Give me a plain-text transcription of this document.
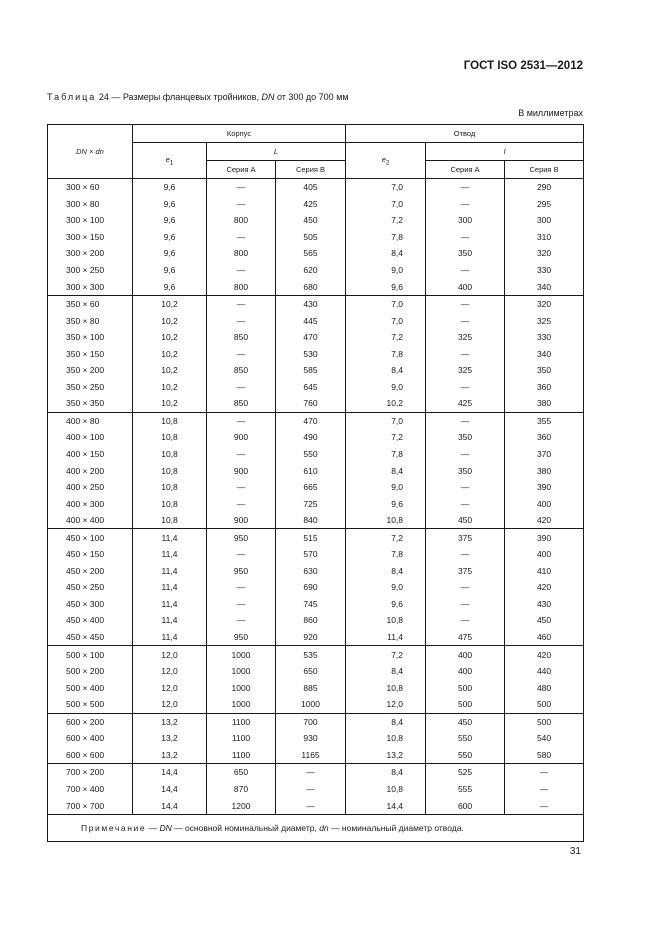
ГОСТ ISO 2531—2012
Таблица 24 — Размеры фланцевых тройников, DN от 300 до 700 мм
В миллиметрах
DN × dn	Корпус			Отвод		
	$e_1$	L		$e_2$	l	
		Серия А	Серия В		Серия А	Серия В
300 × 60	9,6	—	405	7,0	—	290
300 × 80	9,6	—	425	7,0	—	295
300 × 100	9,6	800	450	7,2	300	300
300 × 150	9,6	—	505	7,8	—	310
300 × 200	9,6	800	565	8,4	350	320
300 × 250	9,6	—	620	9,0	—	330
300 × 300	9,6	800	680	9,6	400	340
350 × 60	10,2	—	430	7,0	—	320
350 × 80	10,2	—	445	7,0	—	325
350 × 100	10,2	850	470	7,2	325	330
350 × 150	10,2	—	530	7,8	—	340
350 × 200	10,2	850	585	8,4	325	350
350 × 250	10,2	—	645	9,0	—	360
350 × 350	10,2	850	760	10,2	425	380
400 × 80	10,8	—	470	7,0	—	355
400 × 100	10,8	900	490	7,2	350	360
400 × 150	10,8	—	550	7,8	—	370
400 × 200	10,8	900	610	8,4	350	380
400 × 250	10,8	—	665	9,0	—	390
400 × 300	10,8	—	725	9,6	—	400
400 × 400	10,8	900	840	10,8	450	420
450 × 100	11,4	950	515	7,2	375	390
450 × 150	11,4	—	570	7,8	—	400
450 × 200	11,4	950	630	8,4	375	410
450 × 250	11,4	—	690	9,0	—	420
450 × 300	11,4	—	745	9,6	—	430
450 × 400	11,4	—	860	10,8	—	450
450 × 450	11,4	950	920	11,4	475	460
500 × 100	12,0	1000	535	7,2	400	420
500 × 200	12,0	1000	650	8,4	400	440
500 × 400	12,0	1000	885	10,8	500	480
500 × 500	12,0	1000	1000	12,0	500	500
600 × 200	13,2	1100	700	8,4	450	500
600 × 400	13,2	1100	930	10,8	550	540
600 × 600	13,2	1100	1165	13,2	550	580
700 × 200	14,4	650	—	8,4	525	—
700 × 400	14,4	870	—	10,8	555	—
700 × 700	14,4	1200	—	14,4	600	—
Примечание — DN — основной номинальный диаметр, dn — номинальный диаметр отвода.						
31
